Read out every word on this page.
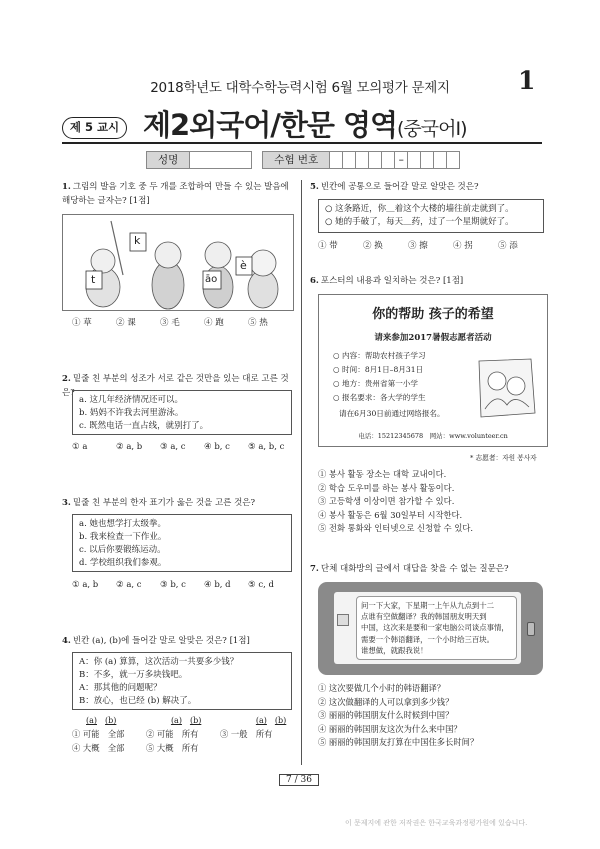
2018학년도 대학수학능력시험 6월 모의평가 문제지	1
제 5 교시 제2외국어/한문 영역(중국어Ⅰ)
성명	수험 번호	–
1. 그림의 발음 기호 중 두 개를 조합하여 만들 수 있는 발음에 해당하는 글자는? [1점]
k
t	āo
è
① 草	② 课	③ 毛	④ 跑	⑤ 热
2. 밑줄 친 부분의 성조가 서로 같은 것만을 있는 대로 고른 것은?
a. 这几年经济情况还可以。
b. 妈妈不许我去河里游泳。
c. 既然电话一直占线，就别打了。
① a	② a, b	③ a, c	④ b, c	⑤ a, b, c
3. 밑줄 친 부분의 한자 표기가 옳은 것을 고른 것은?
a. 她也想学打太级拳。
b. 我来检查一下作业。
c. 以后你要锻练运动。
d. 学校组织我们参观。
① a, b	② a, c	③ b, c	④ b, d	⑤ c, d
4. 빈칸 (a), (b)에 들어갈 말로 알맞은 것은? [1점]
A：你 (a) 算算，这次活动一共要多少钱？
B：不多，就一万多块钱吧。
A：那其他的问题呢？
B：放心，也已经 (b) 解决了。
(a) (b)	(a) (b)	(a) (b)
① 可能　全部	② 可能　所有	③ 一般　所有
④ 大概　全部	⑤ 大概　所有
5. 빈칸에 공통으로 들어갈 말로 알맞은 것은?
○ 这条路近，你＿着这个大楼的墙往前走就到了。
○ 她的手破了，每天＿药，过了一个星期就好了。
① 带	② 换	③ 擦	④ 拐	⑤ 添
6. 포스터의 내용과 일치하는 것은? [1점]
你的帮助 孩子的希望
请来参加2017暑假志愿者活动
○ 内容：帮助农村孩子学习
○ 时间：8月1日–8月31日
○ 地方：贵州省第一小学
○ 报名要求：各大学的学生
请在6月30日前通过网络报名。
电话：15212345678　网站：www.volunteer.cn
* 志愿者：자원 봉사자
① 봉사 활동 장소는 대학 교내이다.
② 학습 도우미를 하는 봉사 활동이다.
③ 고등학생 이상이면 참가할 수 있다.
④ 봉사 활동은 6월 30일부터 시작한다.
⑤ 전화 통화와 인터넷으로 신청할 수 있다.
7. 단체 대화방의 글에서 대답을 찾을 수 없는 질문은?
问一下大家，下星期一上午从九点到十二
点谁有空做翻译？我的韩国朋友明天到
中国，这次来是要和一家电脑公司谈点事情，
需要一个韩语翻译，一个小时给三百块。
谁想做，就跟我说！
① 这次要做几个小时的韩语翻译？
② 这次做翻译的人可以拿到多少钱？
③ 丽丽的韩国朋友什么时候到中国？
④ 丽丽的韩国朋友这次为什么来中国？
⑤ 丽丽的韩国朋友打算在中国住多长时间？
7 / 36
이 문제지에 관한 저작권은 한국교육과정평가원에 있습니다.
